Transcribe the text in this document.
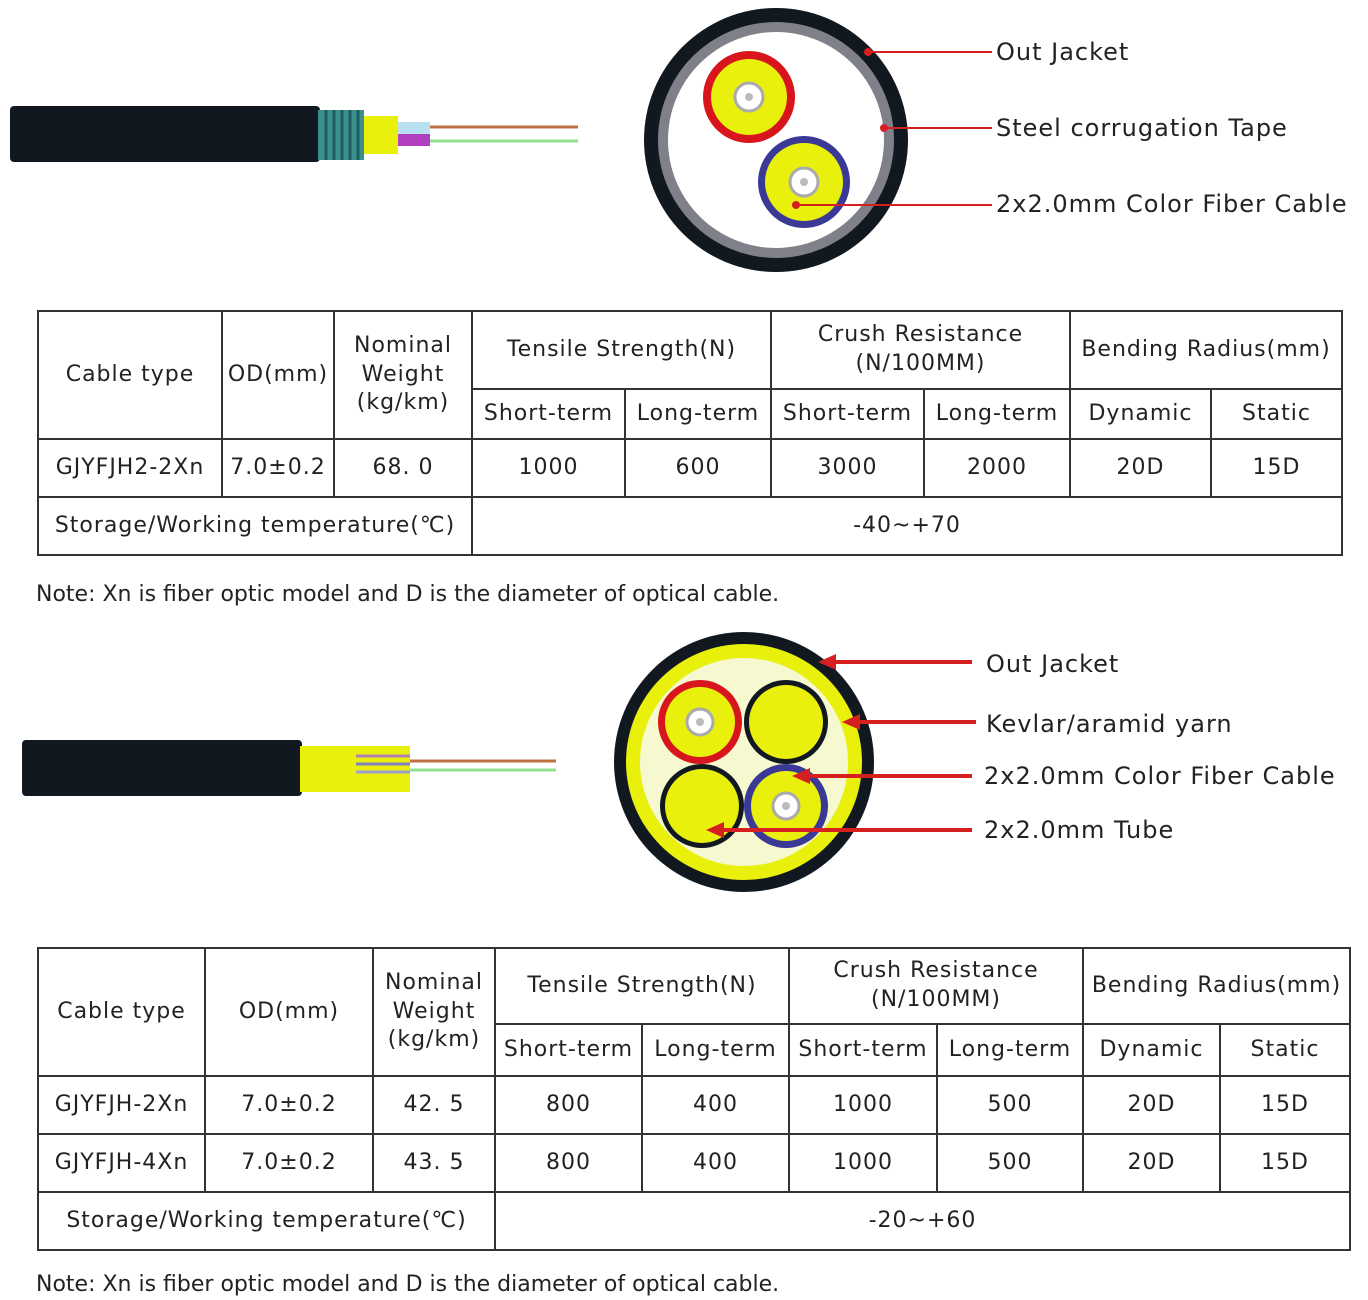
Out Jacket
Steel corrugation Tape
2x2.0mm Color Fiber Cable
Cable type	OD(mm)	Nominal Weight (kg/km)	Tensile Strength(N)		Crush Resistance (N/100MM)		Bending Radius(mm)	
			Short-term	Long-term	Short-term	Long-term	Dynamic	Static
GJYFJH2-2Xn	7.0±0.2	68. 0	1000	600	3000	2000	20D	15D
Storage/Working temperature(℃)			-40~+70					
Note: Xn is fiber optic model and D is the diameter of optical cable.
Out Jacket
Kevlar/aramid yarn
2x2.0mm Color Fiber Cable
2x2.0mm Tube
Cable type	OD(mm)	Nominal Weight (kg/km)	Tensile Strength(N)		Crush Resistance (N/100MM)		Bending Radius(mm)	
			Short-term	Long-term	Short-term	Long-term	Dynamic	Static
GJYFJH-2Xn	7.0±0.2	42. 5	800	400	1000	500	20D	15D
GJYFJH-4Xn	7.0±0.2	43. 5	800	400	1000	500	20D	15D
Storage/Working temperature(℃)			-20~+60					
Note: Xn is fiber optic model and D is the diameter of optical cable.
